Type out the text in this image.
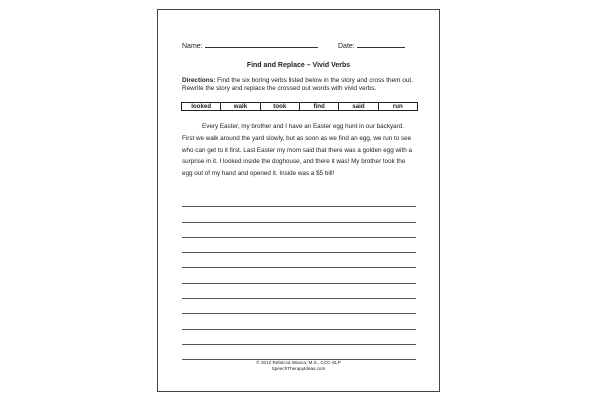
Name:	Date:
Find and Replace – Vivid Verbs
Directions: Find the six boring verbs listed below in the story and cross them out. Rewrite the story and replace the crossed out words with vivid verbs.
looked	walk	took	find	said	run

Every Easter, my brother and I have an Easter egg hunt in our backyard. First we walk around the yard slowly, but as soon as we find an egg, we run to see who can get to it first. Last Easter my mom said that there was a golden egg with a surprise in it. I looked inside the doghouse, and there it was! My brother took the egg out of my hand and opened it. Inside was a $5 bill!

© 2012 Rebecca Wanca, M.S., CCC-SLP
SpeechTherapyIdeas.com
